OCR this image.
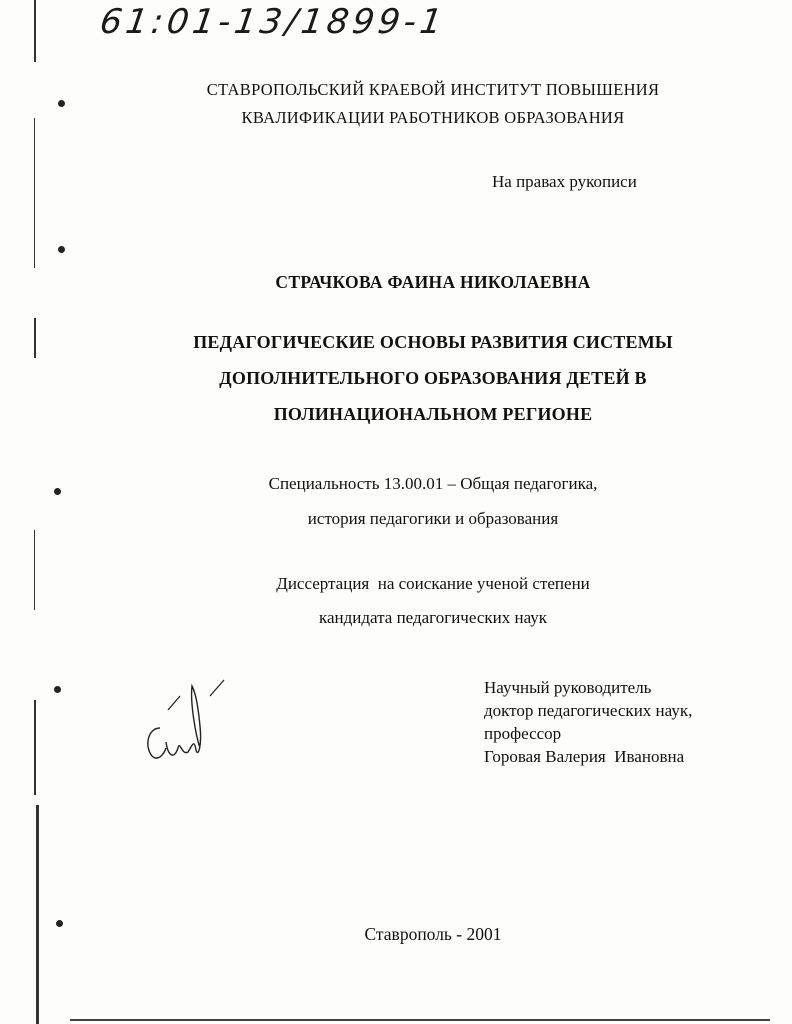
61:01-13/1899-1
СТАВРОПОЛЬСКИЙ КРАЕВОЙ ИНСТИТУТ ПОВЫШЕНИЯ
КВАЛИФИКАЦИИ РАБОТНИКОВ ОБРАЗОВАНИЯ
На правах рукописи
СТРАЧКОВА ФАИНА НИКОЛАЕВНА
ПЕДАГОГИЧЕСКИЕ ОСНОВЫ РАЗВИТИЯ СИСТЕМЫ
ДОПОЛНИТЕЛЬНОГО ОБРАЗОВАНИЯ ДЕТЕЙ В
ПОЛИНАЦИОНАЛЬНОМ РЕГИОНЕ
Специальность 13.00.01 – Общая педагогика,
история педагогики и образования
Диссертация  на соискание ученой степени
кандидата педагогических наук
Научный руководитель
доктор педагогических наук,
профессор
Горовая Валерия  Ивановна
Ставрополь - 2001
